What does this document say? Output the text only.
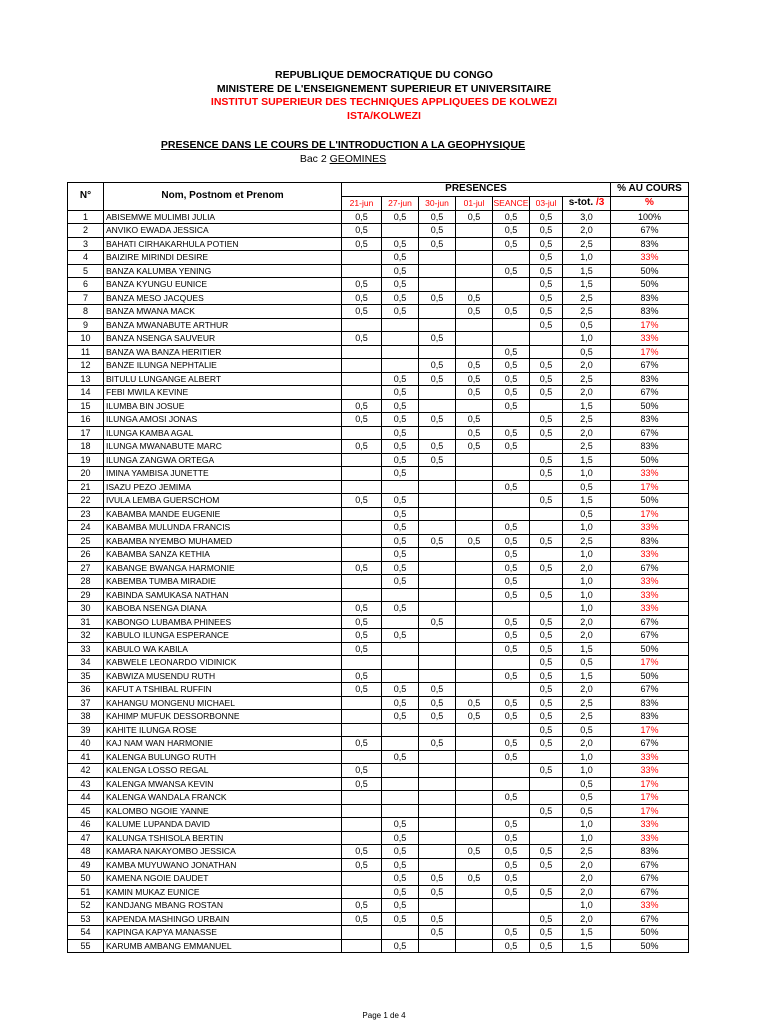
REPUBLIQUE DEMOCRATIQUE DU CONGO
MINISTERE DE L'ENSEIGNEMENT SUPERIEUR ET UNIVERSITAIRE
INSTITUT SUPERIEUR DES TECHNIQUES APPLIQUEES DE KOLWEZI
ISTA/KOLWEZI
PRESENCE DANS LE COURS DE L'INTRODUCTION A LA GEOPHYSIQUE
Bac 2 GEOMINES
N°	Nom, Postnom et Prenom	PRESENCES							% AU COURS
		21-jun	27-jun	30-jun	01-jul	SEANCE	03-jul	s-tot. /3	%
1	ABISEMWE MULIMBI JULIA	0,5	0,5	0,5	0,5	0,5	0,5	3,0	100%
2	ANVIKO EWADA JESSICA	0,5		0,5		0,5	0,5	2,0	67%
3	BAHATI CIRHAKARHULA POTIEN	0,5	0,5	0,5		0,5	0,5	2,5	83%
4	BAIZIRE MIRINDI DESIRE		0,5				0,5	1,0	33%
5	BANZA KALUMBA YENING		0,5			0,5	0,5	1,5	50%
6	BANZA KYUNGU EUNICE	0,5	0,5				0,5	1,5	50%
7	BANZA MESO JACQUES	0,5	0,5	0,5	0,5		0,5	2,5	83%
8	BANZA MWANA MACK	0,5	0,5		0,5	0,5	0,5	2,5	83%
9	BANZA MWANABUTE ARTHUR						0,5	0,5	17%
10	BANZA NSENGA SAUVEUR	0,5		0,5				1,0	33%
11	BANZA WA BANZA HERITIER					0,5		0,5	17%
12	BANZE ILUNGA NEPHTALIE			0,5	0,5	0,5	0,5	2,0	67%
13	BITULU LUNGANGE ALBERT		0,5	0,5	0,5	0,5	0,5	2,5	83%
14	FEBI MWILA KEVINE		0,5		0,5	0,5	0,5	2,0	67%
15	ILUMBA BIN JOSUE	0,5	0,5			0,5		1,5	50%
16	ILUNGA AMOSI JONAS	0,5	0,5	0,5	0,5		0,5	2,5	83%
17	ILUNGA KAMBA AGAL		0,5		0,5	0,5	0,5	2,0	67%
18	ILUNGA MWANABUTE MARC	0,5	0,5	0,5	0,5	0,5		2,5	83%
19	ILUNGA ZANGWA ORTEGA		0,5	0,5			0,5	1,5	50%
20	IMINA YAMBISA JUNETTE		0,5				0,5	1,0	33%
21	ISAZU PEZO JEMIMA					0,5		0,5	17%
22	IVULA LEMBA GUERSCHOM	0,5	0,5				0,5	1,5	50%
23	KABAMBA MANDE EUGENIE		0,5					0,5	17%
24	KABAMBA MULUNDA FRANCIS		0,5			0,5		1,0	33%
25	KABAMBA NYEMBO MUHAMED		0,5	0,5	0,5	0,5	0,5	2,5	83%
26	KABAMBA SANZA KETHIA		0,5			0,5		1,0	33%
27	KABANGE BWANGA HARMONIE	0,5	0,5			0,5	0,5	2,0	67%
28	KABEMBA TUMBA MIRADIE		0,5			0,5		1,0	33%
29	KABINDA SAMUKASA NATHAN					0,5	0,5	1,0	33%
30	KABOBA NSENGA DIANA	0,5	0,5					1,0	33%
31	KABONGO LUBAMBA PHINEES	0,5		0,5		0,5	0,5	2,0	67%
32	KABULO ILUNGA ESPERANCE	0,5	0,5			0,5	0,5	2,0	67%
33	KABULO WA KABILA	0,5				0,5	0,5	1,5	50%
34	KABWELE LEONARDO VIDINICK						0,5	0,5	17%
35	KABWIZA MUSENDU RUTH	0,5				0,5	0,5	1,5	50%
36	KAFUT A TSHIBAL RUFFIN	0,5	0,5	0,5			0,5	2,0	67%
37	KAHANGU MONGENU MICHAEL		0,5	0,5	0,5	0,5	0,5	2,5	83%
38	KAHIMP MUFUK DESSORBONNE		0,5	0,5	0,5	0,5	0,5	2,5	83%
39	KAHITE ILUNGA ROSE						0,5	0,5	17%
40	KAJ NAM WAN HARMONIE	0,5		0,5		0,5	0,5	2,0	67%
41	KALENGA BULUNGO RUTH		0,5			0,5		1,0	33%
42	KALENGA LOSSO REGAL	0,5					0,5	1,0	33%
43	KALENGA MWANSA KEVIN	0,5						0,5	17%
44	KALENGA WANDALA FRANCK					0,5		0,5	17%
45	KALOMBO NGOIE YANNE						0,5	0,5	17%
46	KALUME LUPANDA DAVID		0,5			0,5		1,0	33%
47	KALUNGA TSHISOLA BERTIN		0,5			0,5		1,0	33%
48	KAMARA NAKAYOMBO JESSICA	0,5	0,5		0,5	0,5	0,5	2,5	83%
49	KAMBA MUYUWANO JONATHAN	0,5	0,5			0,5	0,5	2,0	67%
50	KAMENA NGOIE DAUDET		0,5	0,5	0,5	0,5		2,0	67%
51	KAMIN MUKAZ EUNICE		0,5	0,5		0,5	0,5	2,0	67%
52	KANDJANG MBANG ROSTAN	0,5	0,5					1,0	33%
53	KAPENDA MASHINGO URBAIN	0,5	0,5	0,5			0,5	2,0	67%
54	KAPINGA KAPYA MANASSE			0,5		0,5	0,5	1,5	50%
55	KARUMB AMBANG EMMANUEL		0,5			0,5	0,5	1,5	50%
Page 1 de 4
